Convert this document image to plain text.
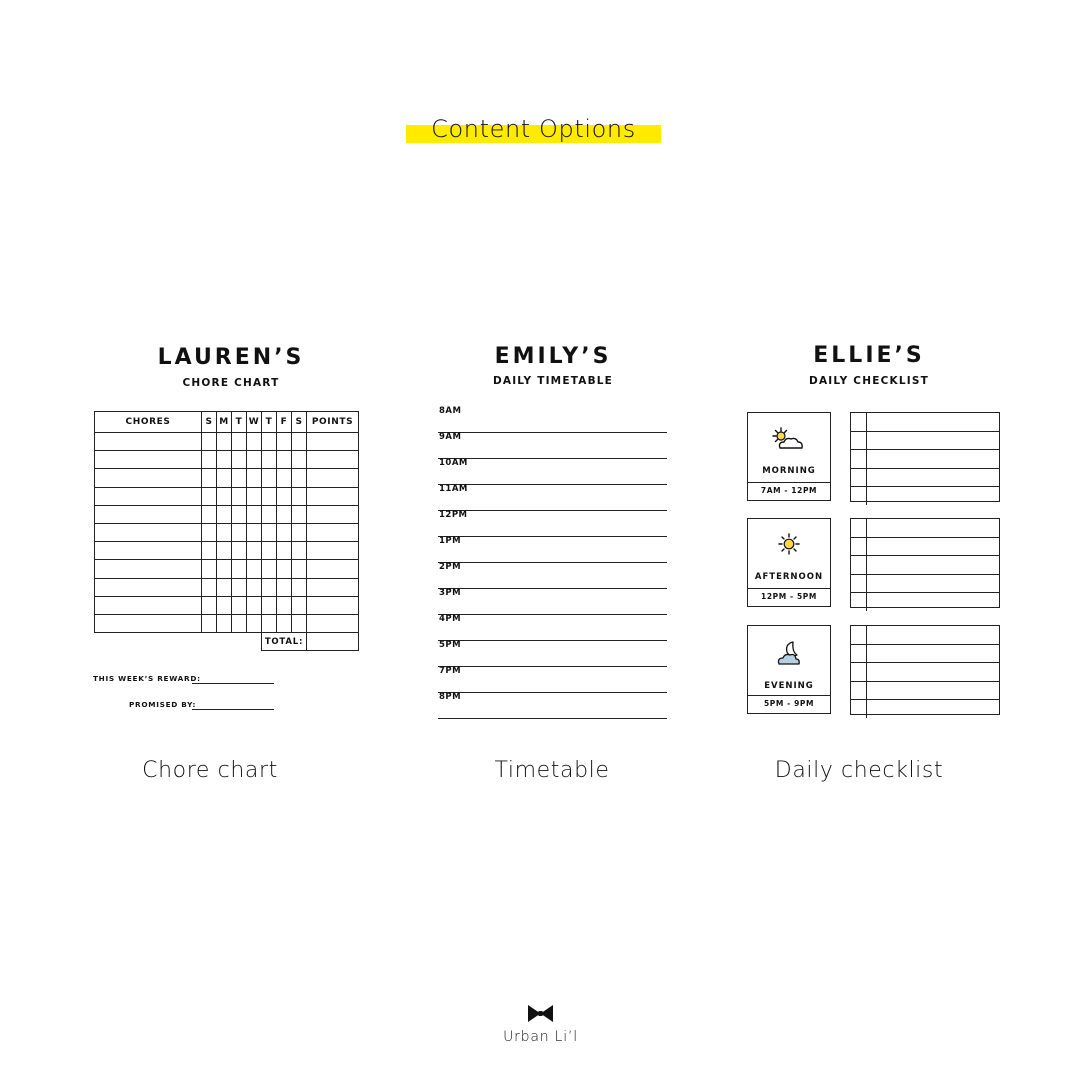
Content Options
LAUREN’S
CHORE CHART
CHORES	S	M	T	W	T	F	S	POINTS

					TOTAL:			
THIS WEEK’S REWARD:
PROMISED BY:
Chore chart
EMILY’S
DAILY TIMETABLE
8AM
9AM
10AM
11AM
12PM
1PM
2PM
3PM
4PM
5PM
7PM
8PM
Timetable
ELLIE’S
DAILY CHECKLIST
MORNING
7AM - 12PM
AFTERNOON
12PM - 5PM
EVENING
5PM - 9PM
Daily checklist
Urban Li’l
